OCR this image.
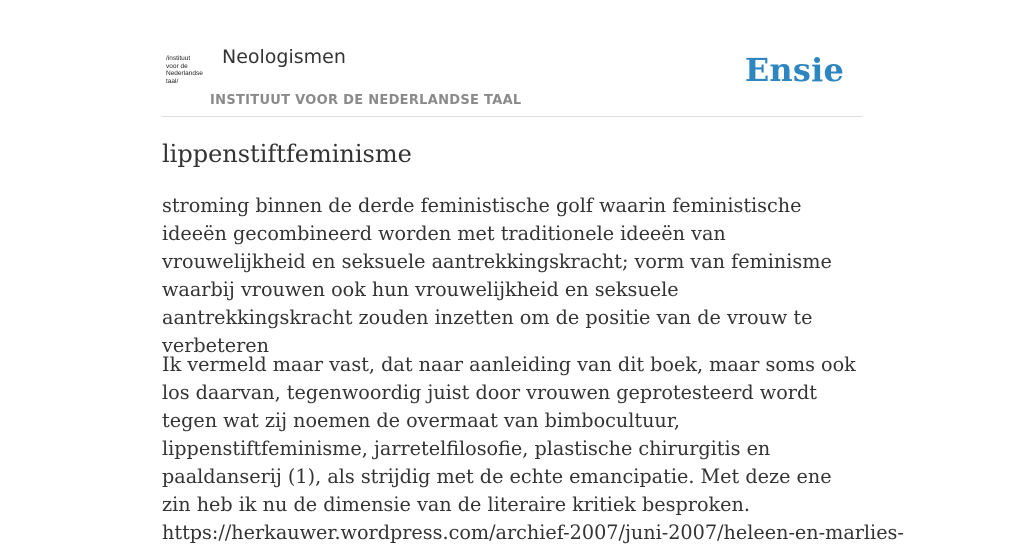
/instituut
voor de
Nederlandse
taal/
Neologismen
INSTITUUT VOOR DE NEDERLANDSE TAAL
Ensie
lippenstiftfeminisme

stroming binnen de derde feministische golf waarin feministische ideeën gecombineerd worden met traditionele ideeën van vrouwelijkheid en seksuele aantrekkingskracht; vorm van feminisme waarbij vrouwen ook hun vrouwelijkheid en seksuele aantrekkingskracht zouden inzetten om de positie van de vrouw te verbeteren

Ik vermeld maar vast, dat naar aanleiding van dit boek, maar soms ook los daarvan, tegenwoordig juist door vrouwen geprotesteerd wordt tegen wat zij noemen de overmaat van bimbocultuur, lippenstiftfeminisme, jarretelfilosofie, plastische chirurgitis en paaldanserij (1), als strijdig met de echte emancipatie. Met deze ene zin heb ik nu de dimensie van de literaire kritiek besproken. https://herkauwer.wordpress.com/archief-2007/juni-2007/heleen-en-marlies-
